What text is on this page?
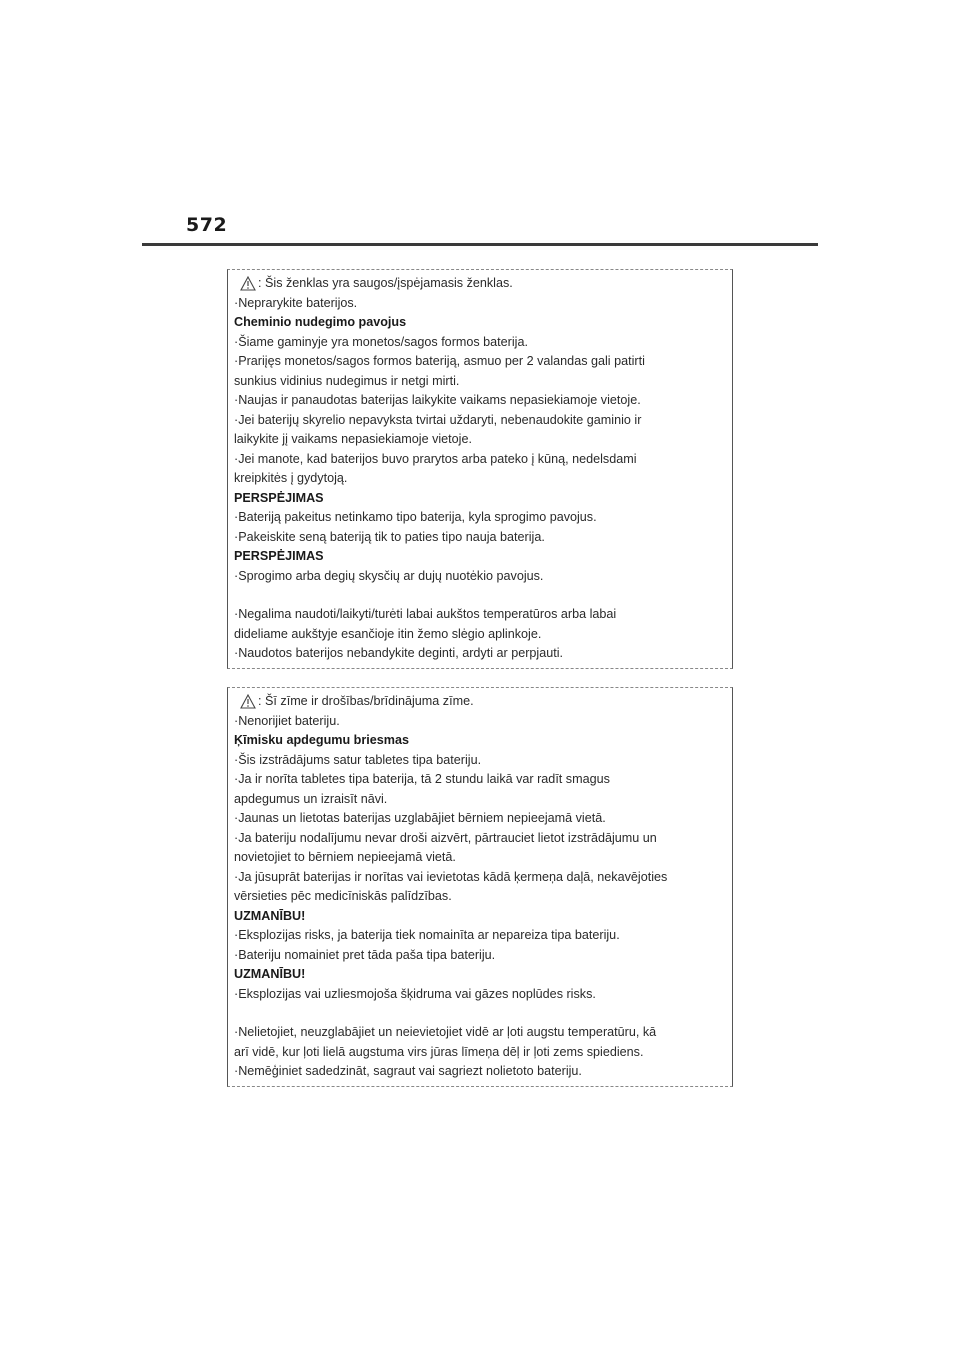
572
: Šis ženklas yra saugos/įspėjamasis ženklas.
·Neprarykite baterijos.
Cheminio nudegimo pavojus
·Šiame gaminyje yra monetos/sagos formos baterija.
·Prariįęs monetos/sagos formos bateriją, asmuo per 2 valandas gali patirti
sunkius vidinius nudegimus ir netgi mirti.
·Naujas ir panaudotas baterijas laikykite vaikams nepasiekiamoje vietoje.
·Jei baterijų skyrelio nepavyksta tvirtai uždaryti, nebenaudokite gaminio ir
laikykite jį vaikams nepasiekiamoje vietoje.
·Jei manote, kad baterijos buvo prarytos arba pateko į kūną, nedelsdami
kreipkitės į gydytoją.
PERSPĖJIMAS
·Bateriją pakeitus netinkamo tipo baterija, kyla sprogimo pavojus.
·Pakeiskite seną bateriją tik to paties tipo nauja baterija.
PERSPĖJIMAS
·Sprogimo arba degių skysčių ar dujų nuotėkio pavojus.
·Negalima naudoti/laikyti/turėti labai aukštos temperatūros arba labai
dideliame aukštyje esančioje itin žemo slėgio aplinkoje.
·Naudotos baterijos nebandykite deginti, ardyti ar perpjauti.
: Šī zīme ir drošības/brīdinājuma zīme.
·Nenorijiet bateriju.
Ķīmisku apdegumu briesmas
·Šis izstrādājums satur tabletes tipa bateriju.
·Ja ir norīta tabletes tipa baterija, tā 2 stundu laikā var radīt smagus
apdegumus un izraisīt nāvi.
·Jaunas un lietotas baterijas uzglabājiet bērniem nepieejamā vietā.
·Ja bateriju nodalījumu nevar droši aizvērt, pārtrauciet lietot izstrādājumu un
novietojiet to bērniem nepieejamā vietā.
·Ja jūsuprāt baterijas ir norītas vai ievietotas kādā ķermeņa daļā, nekavējoties
vērsieties pēc medicīniskās palīdzības.
UZMANĪBU!
·Eksplozijas risks, ja baterija tiek nomainīta ar nepareiza tipa bateriju.
·Bateriju nomainiet pret tāda paša tipa bateriju.
UZMANĪBU!
·Eksplozijas vai uzliesmojoša šķidruma vai gāzes noplūdes risks.
·Nelietojiet, neuzglabājiet un neievietojiet vidē ar ļoti augstu temperatūru, kā
arī vidē, kur ļoti lielā augstuma virs jūras līmeņa dēļ ir ļoti zems spiediens.
·Nemēģiniet sadedzināt, sagraut vai sagriezt nolietoto bateriju.
